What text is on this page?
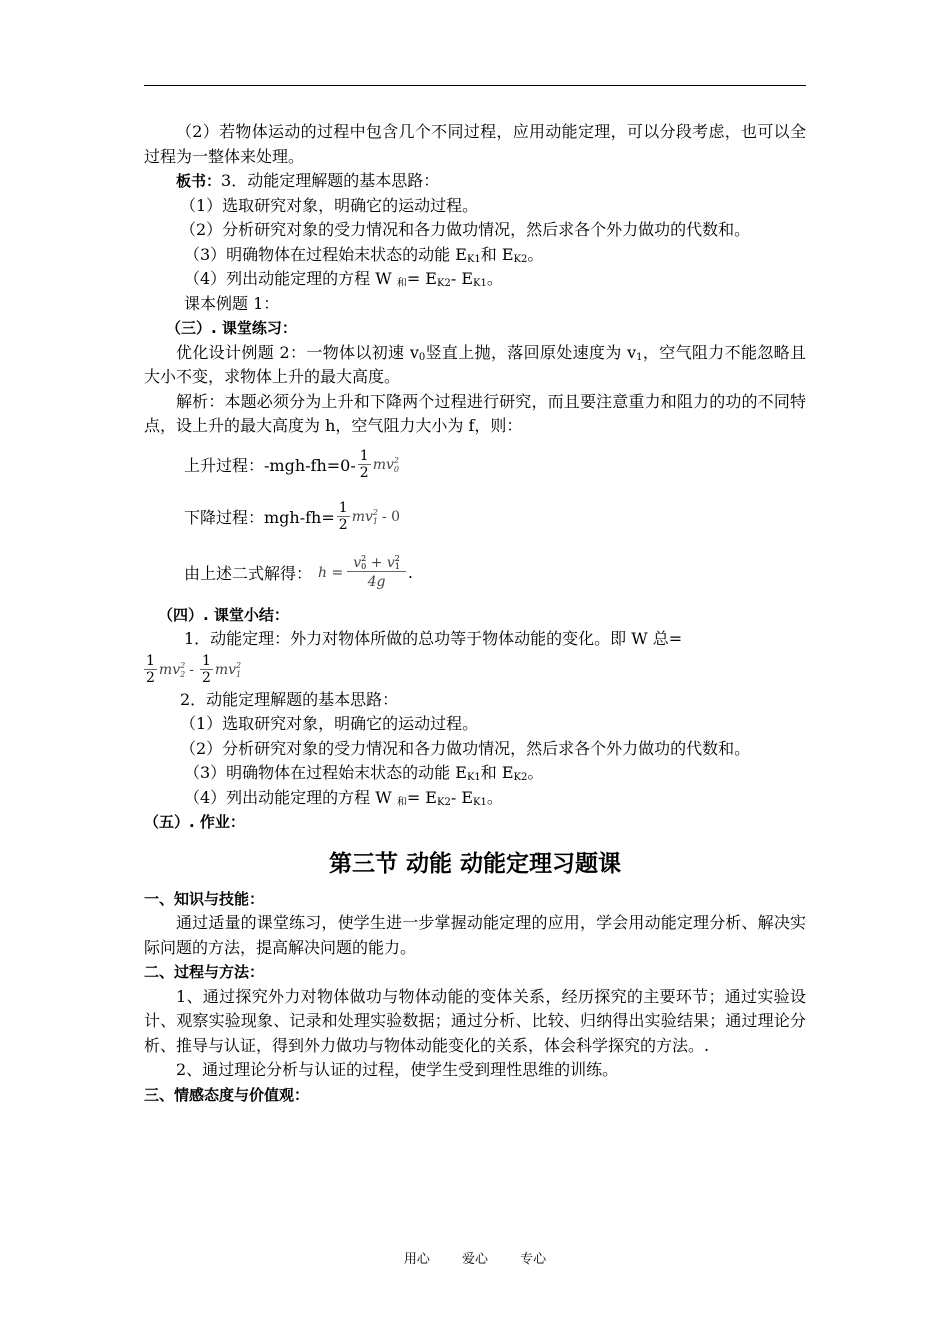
（2）若物体运动的过程中包含几个不同过程，应用动能定理，可以分段考虑，也可以全过程为一整体来处理。

板书：3．动能定理解题的基本思路：

（1）选取研究对象，明确它的运动过程。

（2）分析研究对象的受力情况和各力做功情况，然后求各个外力做功的代数和。

（3）明确物体在过程始末状态的动能 $E_{K1}$和 $E_{K2}$。

（4）列出动能定理的方程 W $_和= E_{K2}-$ $E_{K1}$。

课本例题 1：

（三）. 课堂练习：

优化设计例题 2：一物体以初速 $v_0$竖直上抛，落回原处速度为 $v_1$，空气阻力不能忽略且大小不变，求物体上升的最大高度。

解析：本题必须分为上升和下降两个过程进行研究，而且要注意重力和阻力的功的不同特点，设上升的最大高度为 h，空气阻力大小为 f，则：

上升过程：$-mgh-fh=0- \frac{1}{2}$ mv 2
0
下降过程：$mgh-fh= \frac{1}{2}$ mv 2
1 - 0
由上述二式解得： h = v 2
0 + v 2
1
4g .

（四）. 课堂小结：

1．动能定理：外力对物体所做的总功等于物体动能的变化。即 W 总=

$\frac{1}{2}$ mv 2
$2 - \frac{1}{2}$ mv 2
1

2．动能定理解题的基本思路：

（1）选取研究对象，明确它的运动过程。

（2）分析研究对象的受力情况和各力做功情况，然后求各个外力做功的代数和。

（3）明确物体在过程始末状态的动能 $E_{K1}$和 $E_{K2}$。

（4）列出动能定理的方程 W $_和= E_{K2}-$ $E_{K1}$。

（五）. 作业：

第三节 动能 动能定理习题课

一、知识与技能：

通过适量的课堂练习，使学生进一步掌握动能定理的应用，学会用动能定理分析、解决实际问题的方法，提高解决问题的能力。

二、过程与方法：

1、通过探究外力对物体做功与物体动能的变体关系，经历探究的主要环节；通过实验设计、观察实验现象、记录和处理实验数据；通过分析、比较、归纳得出实验结果；通过理论分析、推导与认证，得到外力做功与物体动能变化的关系，体会科学探究的方法。.

2、通过理论分析与认证的过程，使学生受到理性思维的训练。

三、情感态度与价值观：

用心 爱心 专心
